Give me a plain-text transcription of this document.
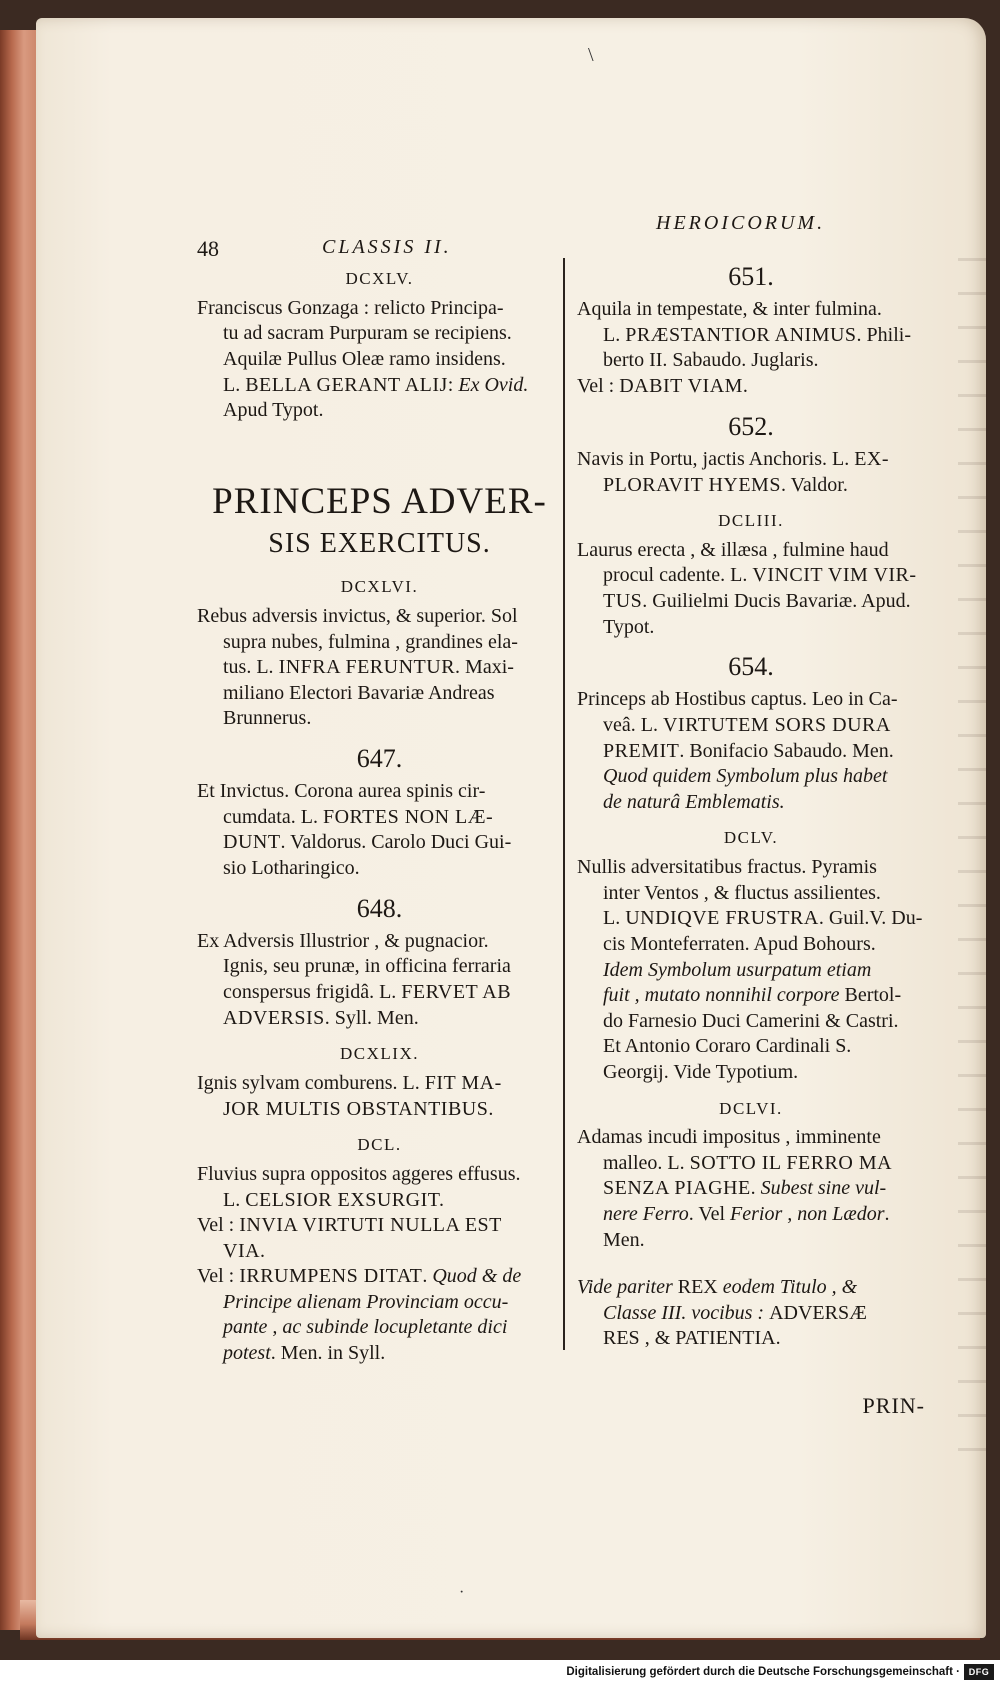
\
48	CLASSIS II.
HEROICORUM.
DCXLV.

Franciscus Gonzaga : relicto Principa-

tu ad sacram Purpuram se recipiens.
Aquilæ Pullus Oleæ ramo insidens.
L. BELLA GERANT ALIJ: Ex Ovid.
Apud Typot.

PRINCEPS ADVER-
SIS EXERCITUS.
DCXLVI.

Rebus adversis invictus, & superior. Sol

supra nubes, fulmina , grandines ela-
tus. L. INFRA FERUNTUR. Maxi-
miliano Electori Bavariæ Andreas
Brunnerus.

647.

Et Invictus. Corona aurea spinis cir-

cumdata. L. FORTES NON LÆ-
DUNT. Valdorus. Carolo Duci Gui-
sio Lotharingico.

648.

Ex Adversis Illustrior , & pugnacior.

Ignis, seu prunæ, in officina ferraria
conspersus frigidâ. L. FERVET AB
ADVERSIS. Syll. Men.

DCXLIX.

Ignis sylvam comburens. L. FIT MA-

JOR MULTIS OBSTANTIBUS.

DCL.

Fluvius supra oppositos aggeres effusus.

L. CELSIOR EXSURGIT.
Vel : INVIA VIRTUTI NULLA EST

VIA.
Vel : IRRUMPENS DITAT. Quod & de

Principe alienam Provinciam occu-
pante , ac subinde locupletante dici
potest. Men. in Syll.

651.

Aquila in tempestate, & inter fulmina.

L. PRÆSTANTIOR ANIMUS. Phili-
berto II. Sabaudo. Juglaris.
Vel : DABIT VIAM.

652.

Navis in Portu, jactis Anchoris. L. EX-

PLORAVIT HYEMS. Valdor.

DCLIII.

Laurus erecta , & illæsa , fulmine haud

procul cadente. L. VINCIT VIM VIR-
TUS. Guilielmi Ducis Bavariæ. Apud.
Typot.

654.

Princeps ab Hostibus captus. Leo in Ca-

veâ. L. VIRTUTEM SORS DURA
PREMIT. Bonifacio Sabaudo. Men.
Quod quidem Symbolum plus habet
de naturâ Emblematis.

DCLV.

Nullis adversitatibus fractus. Pyramis

inter Ventos , & fluctus assilientes.
L. UNDIQVE FRUSTRA. Guil.V. Du-
cis Monteferraten. Apud Bohours.
Idem Symbolum usurpatum etiam
fuit , mutato nonnihil corpore Bertol-
do Farnesio Duci Camerini & Castri.
Et Antonio Coraro Cardinali S.
Georgij. Vide Typotium.

DCLVI.

Adamas incudi impositus , imminente

malleo. L. SOTTO IL FERRO MA
SENZA PIAGHE. Subest sine vul-
nere Ferro. Vel Ferior , non Lædor.
Men.

Vide pariter REX eodem Titulo , &

Classe III. vocibus : ADVERSÆ
RES , & PATIENTIA.

PRIN-
·
Digitalisierung gefördert durch die Deutsche Forschungsgemeinschaft · DFG
